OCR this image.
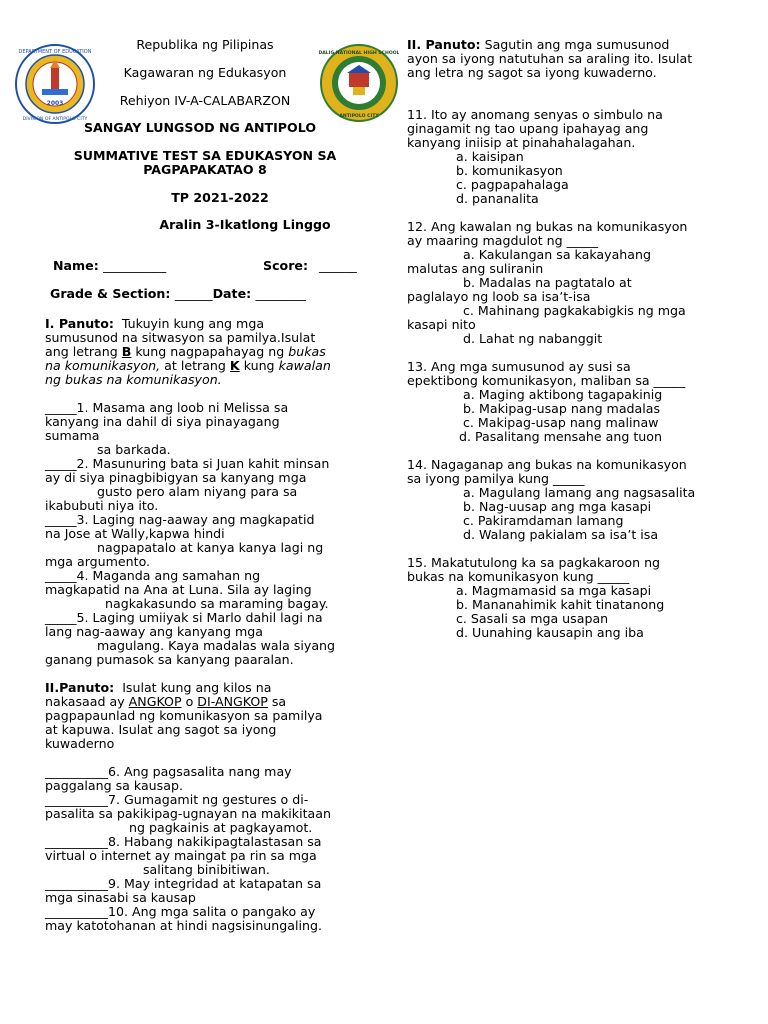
2003
DEPARTMENT OF EDUCATION
DIVISION OF ANTIPOLO CITY
DALIG NATIONAL HIGH SCHOOL
ANTIPOLO CITY
Republika ng Pilipinas
Kagawaran ng Edukasyon
Rehiyon IV-A-CALABARZON
SANGAY LUNGSOD NG ANTIPOLO
SUMMATIVE TEST SA EDUKASYON SA
PAGPAPAKATAO 8
TP 2021-2022
Aralin 3-Ikatlong Linggo
Name: __________	Score: ______
Grade & Section: ______Date: ________
I. Panuto: Tukuyin kung ang mga
sumusunod na sitwasyon sa pamilya.Isulat
ang letrang B kung nagpapahayag ng bukas
na komunikasyon, at letrang K kung kawalan
ng bukas na komunikasyon.
_____1. Masama ang loob ni Melissa sa
kanyang ina dahil di siya pinayagang
sumama
sa barkada.
_____2. Masunuring bata si Juan kahit minsan
ay di siya pinagbibigyan sa kanyang mga
gusto pero alam niyang para sa
ikabubuti niya ito.
_____3. Laging nag-aaway ang magkapatid
na Jose at Wally,kapwa hindi
nagpapatalo at kanya kanya lagi ng
mga argumento.
_____4. Maganda ang samahan ng
magkapatid na Ana at Luna. Sila ay laging
nagkakasundo sa maraming bagay.
_____5. Laging umiiyak si Marlo dahil lagi na
lang nag-aaway ang kanyang mga
magulang. Kaya madalas wala siyang
ganang pumasok sa kanyang paaralan.
II.Panuto: Isulat kung ang kilos na
nakasaad ay ANGKOP o DI-ANGKOP sa
pagpapaunlad ng komunikasyon sa pamilya
at kapuwa. Isulat ang sagot sa iyong
kuwaderno
__________6. Ang pagsasalita nang may
paggalang sa kausap.
__________7. Gumagamit ng gestures o di-
pasalita sa pakikipag-ugnayan na makikitaan
ng pagkainis at pagkayamot.
__________8. Habang nakikipagtalastasan sa
virtual o internet ay maingat pa rin sa mga
salitang binibitiwan.
__________9. May integridad at katapatan sa
mga sinasabi sa kausap
__________10. Ang mga salita o pangako ay
may katotohanan at hindi nagsisinungaling.
II. Panuto: Sagutin ang mga sumusunod
ayon sa iyong natutuhan sa araling ito. Isulat
ang letra ng sagot sa iyong kuwaderno.
11. Ito ay anomang senyas o simbulo na
ginagamit ng tao upang ipahayag ang
kanyang iniisip at pinahahalagahan.
a. kaisipan
b. komunikasyon
c. pagpapahalaga
d. pananalita
12. Ang kawalan ng bukas na komunikasyon
ay maaring magdulot ng _____
a. Kakulangan sa kakayahang
malutas ang suliranin
b. Madalas na pagtatalo at
paglalayo ng loob sa isa’t-isa
c. Mahinang pagkakabigkis ng mga
kasapi nito
d. Lahat ng nabanggit
13. Ang mga sumusunod ay susi sa
epektibong komunikasyon, maliban sa _____
a. Maging aktibong tagapakinig
b. Makipag-usap nang madalas
c. Makipag-usap nang malinaw
d. Pasalitang mensahe ang tuon
14. Nagaganap ang bukas na komunikasyon
sa iyong pamilya kung _____
a. Magulang lamang ang nagsasalita
b. Nag-uusap ang mga kasapi
c. Pakiramdaman lamang
d. Walang pakialam sa isa’t isa
15. Makatutulong ka sa pagkakaroon ng
bukas na komunikasyon kung _____
a. Magmamasid sa mga kasapi
b. Mananahimik kahit tinatanong
c. Sasali sa mga usapan
d. Uunahing kausapin ang iba
